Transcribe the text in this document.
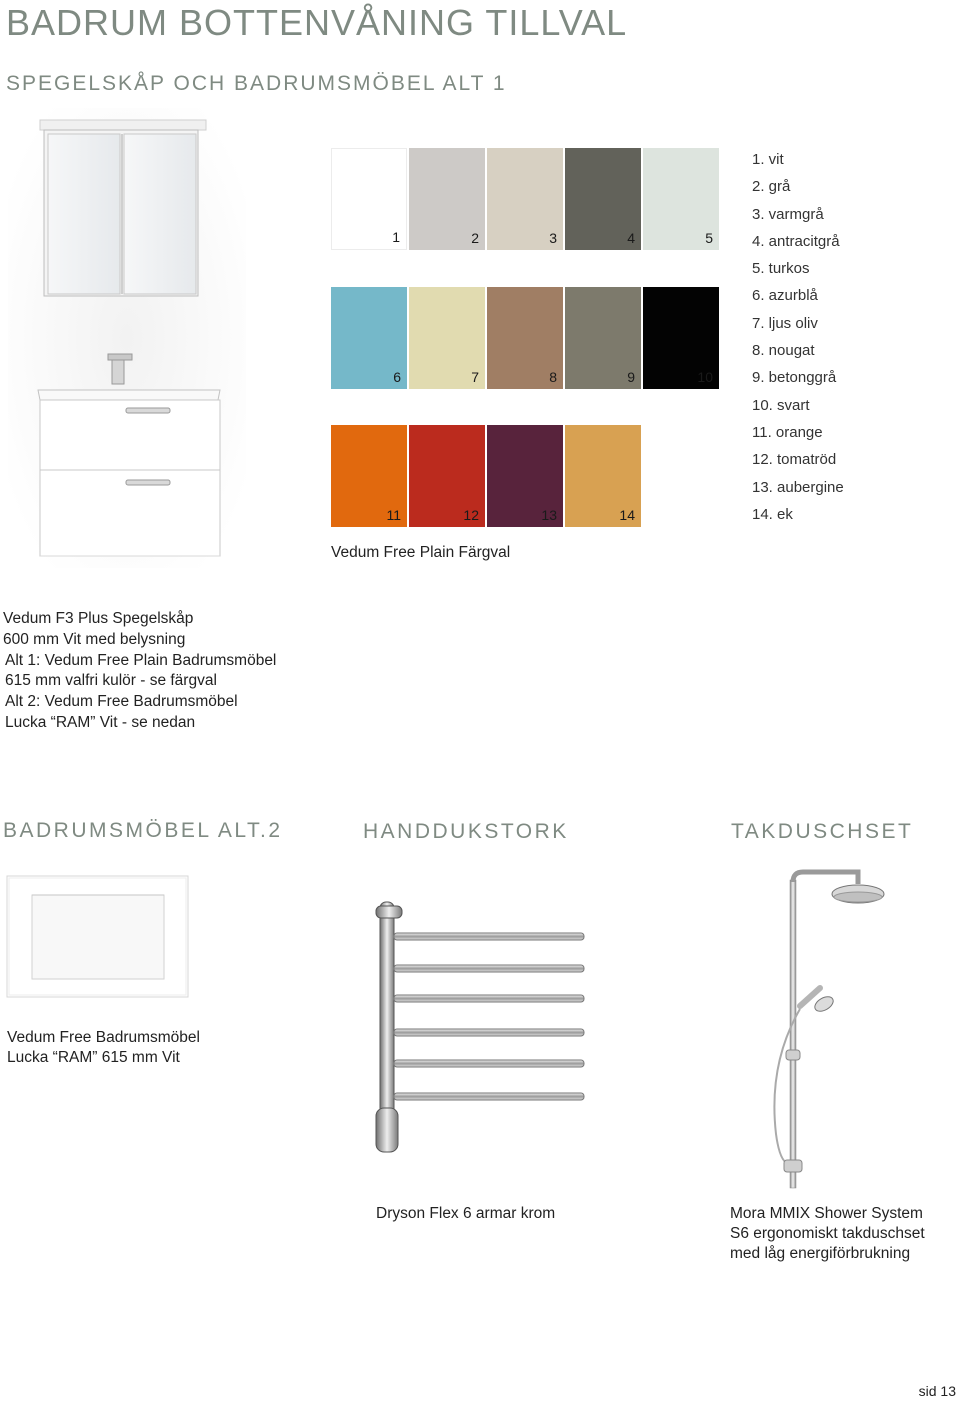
BADRUM BOTTENVÅNING TILLVAL
SPEGELSKÅP OCH BADRUMSMÖBEL ALT 1
1	2	3	4	5
6	7	8	9	10
11	12	13	14
Vedum Free Plain Färgval
1. vit
2. grå
3. varmgrå
4. antracitgrå
5. turkos
6. azurblå
7. ljus oliv
8. nougat
9. betonggrå
10. svart
11. orange
12. tomatröd
13. aubergine
14. ek
Vedum F3 Plus Spegelskåp
600 mm Vit med belysning
Alt 1: Vedum Free Plain Badrumsmöbel
615 mm valfri kulör - se färgval
Alt 2: Vedum Free Badrumsmöbel
Lucka “RAM” Vit - se nedan
BADRUMSMÖBEL ALT.2	HANDDUKSTORK	TAKDUSCHSET
Vedum Free Badrumsmöbel
Lucka “RAM” 615 mm Vit
Dryson Flex 6 armar krom	Mora MMIX Shower System S6 ergonomiskt takduschset med låg energiförbrukning
sid 13
